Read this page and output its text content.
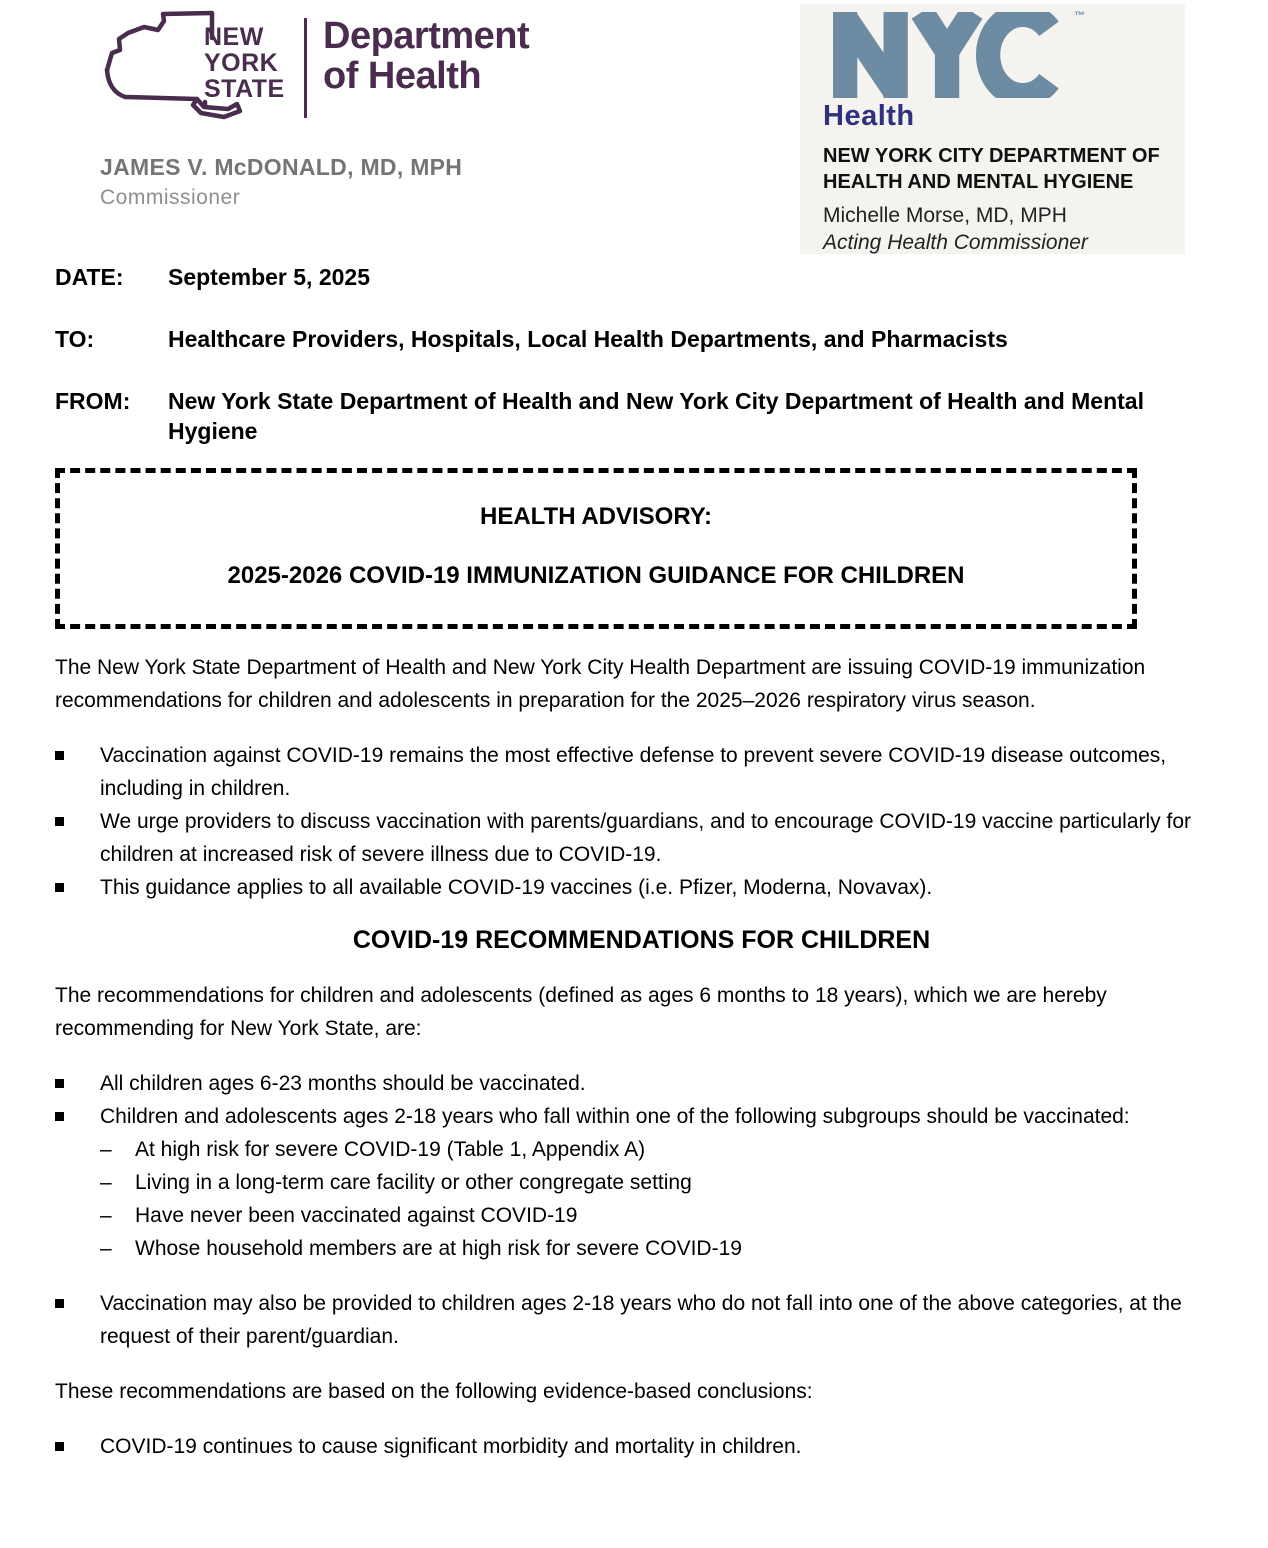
NEW
YORK
STATE
Department
of Health
JAMES V. McDONALD, MD, MPH
Commissioner
™
Health
NEW YORK CITY DEPARTMENT OF
HEALTH AND MENTAL HYGIENE
Michelle Morse, MD, MPH
Acting Health Commissioner
DATE:	September 5, 2025
TO:	Healthcare Providers, Hospitals, Local Health Departments, and Pharmacists
FROM:	New York State Department of Health and New York City Department of Health and Mental Hygiene
HEALTH ADVISORY:
2025-2026 COVID-19 IMMUNIZATION GUIDANCE FOR CHILDREN

The New York State Department of Health and New York City Health Department are issuing COVID-19 immunization recommendations for children and adolescents in preparation for the 2025–2026 respiratory virus season.

Vaccination against COVID-19 remains the most effective defense to prevent severe COVID-19 disease outcomes, including in children.
We urge providers to discuss vaccination with parents/guardians, and to encourage COVID-19 vaccine particularly for children at increased risk of severe illness due to COVID-19.
This guidance applies to all available COVID-19 vaccines (i.e. Pfizer, Moderna, Novavax).
COVID-19 RECOMMENDATIONS FOR CHILDREN

The recommendations for children and adolescents (defined as ages 6 months to 18 years), which we are hereby recommending for New York State, are:

All children ages 6-23 months should be vaccinated.
Children and adolescents ages 2-18 years who fall within one of the following subgroups should be vaccinated:
–	At high risk for severe COVID-19 (Table 1, Appendix A)
–	Living in a long-term care facility or other congregate setting
–	Have never been vaccinated against COVID-19
–	Whose household members are at high risk for severe COVID-19
Vaccination may also be provided to children ages 2-18 years who do not fall into one of the above categories, at the request of their parent/guardian.

These recommendations are based on the following evidence-based conclusions:

COVID-19 continues to cause significant morbidity and mortality in children.
